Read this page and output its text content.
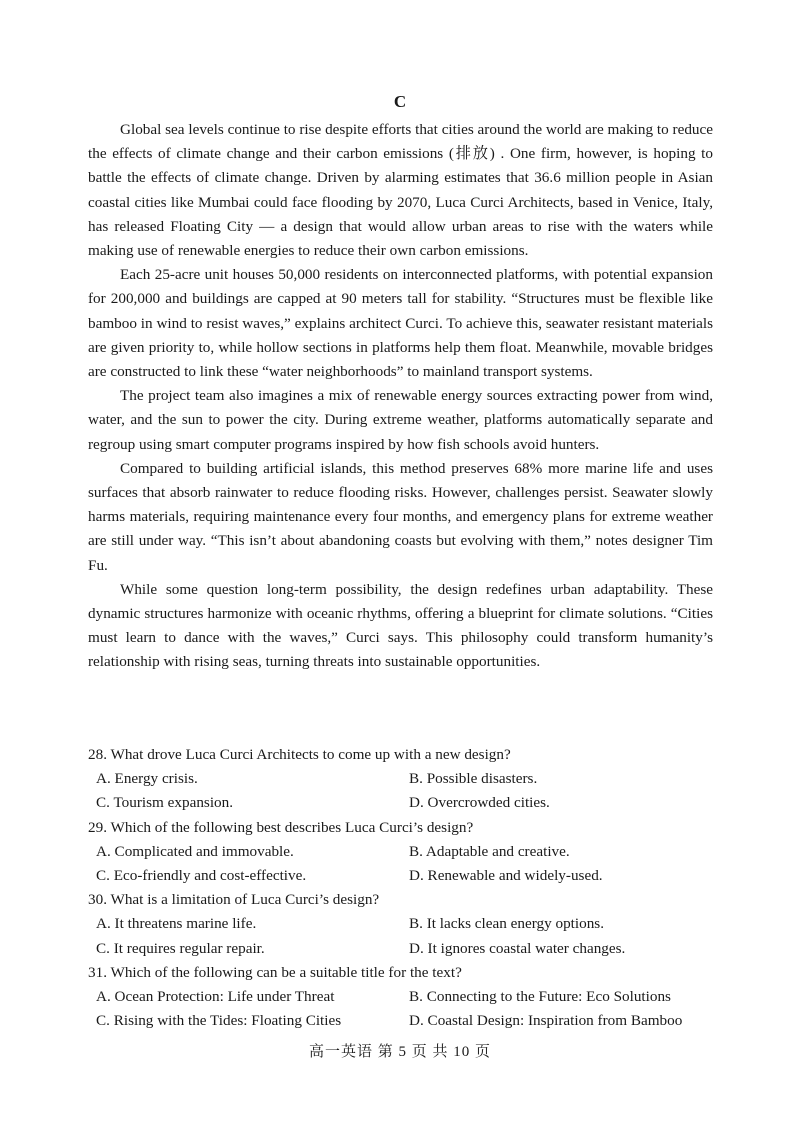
C

Global sea levels continue to rise despite efforts that cities around the world are making to reduce the effects of climate change and their carbon emissions (排放) . One firm, however, is hoping to battle the effects of climate change. Driven by alarming estimates that 36.6 million people in Asian coastal cities like Mumbai could face flooding by 2070, Luca Curci Architects, based in Venice, Italy, has released Floating City — a design that would allow urban areas to rise with the waters while making use of renewable energies to reduce their own carbon emissions.

Each 25-acre unit houses 50,000 residents on interconnected platforms, with potential expansion for 200,000 and buildings are capped at 90 meters tall for stability. “Structures must be flexible like bamboo in wind to resist waves,” explains architect Curci. To achieve this, seawater resistant materials are given priority to, while hollow sections in platforms help them float. Meanwhile, movable bridges are constructed to link these “water neighborhoods” to mainland transport systems.

The project team also imagines a mix of renewable energy sources extracting power from wind, water, and the sun to power the city. During extreme weather, platforms automatically separate and regroup using smart computer programs inspired by how fish schools avoid hunters.

Compared to building artificial islands, this method preserves 68% more marine life and uses surfaces that absorb rainwater to reduce flooding risks. However, challenges persist. Seawater slowly harms materials, requiring maintenance every four months, and emergency plans for extreme weather are still under way. “This isn’t about abandoning coasts but evolving with them,” notes designer Tim Fu.

While some question long-term possibility, the design redefines urban adaptability. These dynamic structures harmonize with oceanic rhythms, offering a blueprint for climate solutions. “Cities must learn to dance with the waves,” Curci says. This philosophy could transform humanity’s relationship with rising seas, turning threats into sustainable opportunities.

28. What drove Luca Curci Architects to come up with a new design?

A. Energy crisis.	B. Possible disasters.
C. Tourism expansion.	D. Overcrowded cities.

29. Which of the following best describes Luca Curci’s design?

A. Complicated and immovable.	B. Adaptable and creative.
C. Eco-friendly and cost-effective.	D. Renewable and widely-used.

30. What is a limitation of Luca Curci’s design?

A. It threatens marine life.	B. It lacks clean energy options.
C. It requires regular repair.	D. It ignores coastal water changes.

31. Which of the following can be a suitable title for the text?

A. Ocean Protection: Life under Threat	B. Connecting to the Future: Eco Solutions
C. Rising with the Tides: Floating Cities	D. Coastal Design: Inspiration from Bamboo
高一英语 第 5 页 共 10 页
